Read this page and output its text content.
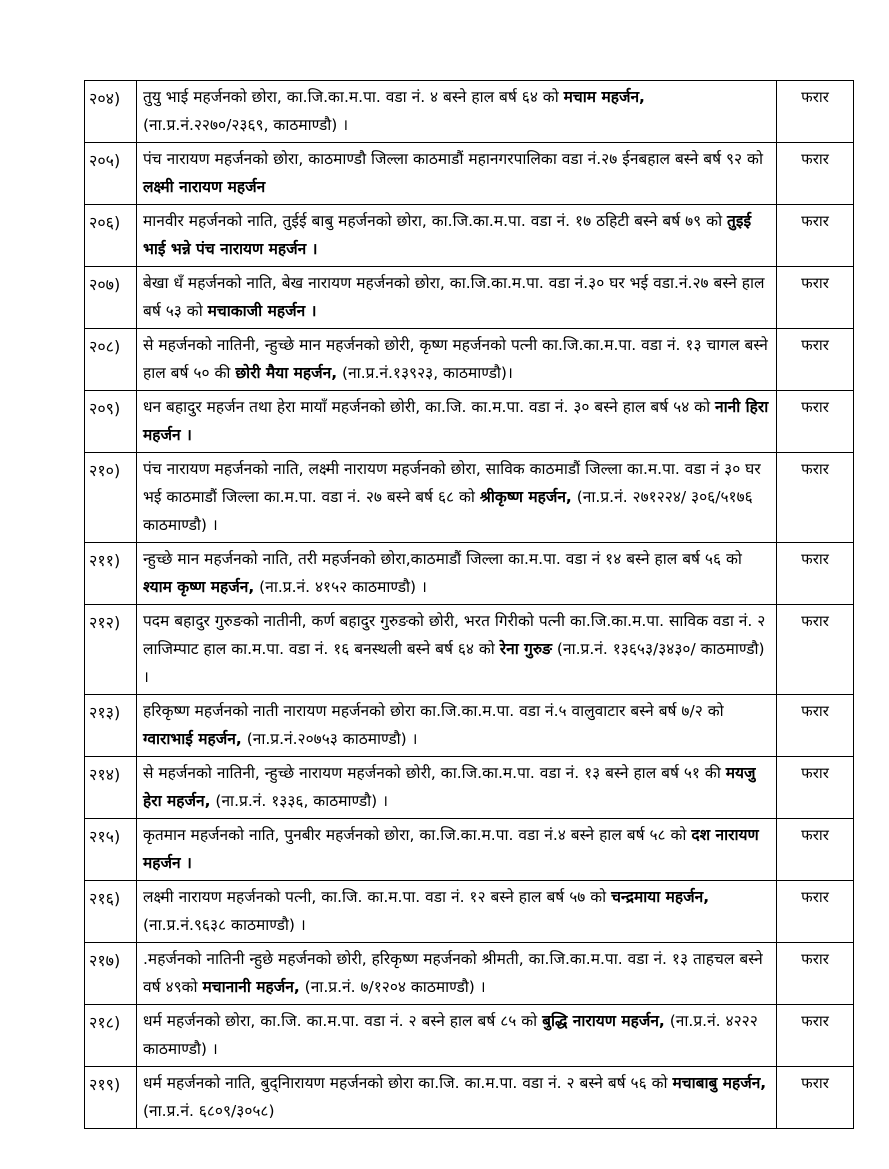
२०४)	तुयु भाई महर्जनको छोरा, का.जि.का.म.पा. वडा नं. ४ बस्ने हाल बर्ष ६४ को मचाम महर्जन, (ना.प्र.नं.२२७०/२३६९, काठमाण्डौ) ।	फरार
२०५)	पंच नारायण महर्जनको छोरा, काठमाण्डौ जिल्ला काठमाडौं महानगरपालिका वडा नं.२७ ईनबहाल बस्ने बर्ष ९२ को लक्ष्मी नारायण महर्जन	फरार
२०६)	मानवीर महर्जनको नाति, तुईई बाबु महर्जनको छोरा, का.जि.का.म.पा. वडा नं. १७ ठहिटी बस्ने बर्ष ७९ को तुइई भाई भन्ने पंच नारायण महर्जन ।	फरार
२०७)	बेखा धँ महर्जनको नाति, बेख नारायण महर्जनको छोरा, का.जि.का.म.पा. वडा नं.३० घर भई वडा.नं.२७ बस्ने हाल बर्ष ५३ को मचाकाजी महर्जन ।	फरार
२०८)	से महर्जनको नातिनी, न्हुच्छे मान महर्जनको छोरी, कृष्ण महर्जनको पत्नी का.जि.का.म.पा. वडा नं. १३ चागल बस्ने हाल बर्ष ५० की छोरी मैया महर्जन, (ना.प्र.नं.१३९२३, काठमाण्डौ)।	फरार
२०९)	धन बहादुर महर्जन तथा हेरा मायाँ महर्जनको छोरी, का.जि. का.म.पा. वडा नं. ३० बस्ने हाल बर्ष ५४ को नानी हिरा महर्जन ।	फरार
२१०)	पंच नारायण महर्जनको नाति, लक्ष्मी नारायण महर्जनको छोरा, साविक काठमाडौं जिल्ला का.म.पा. वडा नं ३० घर भई काठमाडौं जिल्ला का.म.पा. वडा नं. २७ बस्ने बर्ष ६८ को श्रीकृष्ण महर्जन, (ना.प्र.नं. २७१२२४/ ३०६/५१७६ काठमाण्डौ) ।	फरार
२११)	न्हुच्छे मान महर्जनको नाति, तरी महर्जनको छोरा,काठमाडौं जिल्ला का.म.पा. वडा नं १४ बस्ने हाल बर्ष ५६ को श्याम कृष्ण महर्जन, (ना.प्र.नं. ४१५२ काठमाण्डौ) ।	फरार
२१२)	पदम बहादुर गुरुङको नातीनी, कर्ण बहादुर गुरुङको छोरी, भरत गिरीको पत्नी का.जि.का.म.पा. साविक वडा नं. २ लाजिम्पाट हाल का.म.पा. वडा नं. १६ बनस्थली बस्ने बर्ष ६४ को रेना गुरुङ (ना.प्र.नं. १३६५३/३४३०/ काठमाण्डौ) ।	फरार
२१३)	हरिकृष्ण महर्जनको नाती नारायण महर्जनको छोरा का.जि.का.म.पा. वडा नं.५ वालुवाटार बस्ने बर्ष ७/२ को ग्वाराभाई महर्जन, (ना.प्र.नं.२०७५३ काठमाण्डौ) ।	फरार
२१४)	से महर्जनको नातिनी, न्हुच्छे नारायण महर्जनको छोरी, का.जि.का.म.पा. वडा नं. १३ बस्ने हाल बर्ष ५१ की मयजु हेरा महर्जन, (ना.प्र.नं. १३३६, काठमाण्डौ) ।	फरार
२१५)	कृतमान महर्जनको नाति, पुनबीर महर्जनको छोरा, का.जि.का.म.पा. वडा नं.४ बस्ने हाल बर्ष ५८ को दश नारायण महर्जन ।	फरार
२१६)	लक्ष्मी नारायण महर्जनको पत्नी, का.जि. का.म.पा. वडा नं. १२ बस्ने हाल बर्ष ५७ को चन्द्रमाया महर्जन, (ना.प्र.नं.९६३८ काठमाण्डौ) ।	फरार
२१७)	.महर्जनको नातिनी न्हुछे महर्जनको छोरी, हरिकृष्ण महर्जनको श्रीमती, का.जि.का.म.पा. वडा नं. १३ ताहचल बस्ने वर्ष ४९को मचानानी महर्जन, (ना.प्र.नं. ७/१२०४ काठमाण्डौ) ।	फरार
२१८)	धर्म महर्जनको छोरा, का.जि. का.म.पा. वडा नं. २ बस्ने हाल बर्ष ८५ को बुद्धि नारायण महर्जन, (ना.प्र.नं. ४२२२ काठमाण्डौ) ।	फरार
२१९)	धर्म महर्जनको नाति, बुद्निारायण महर्जनको छोरा का.जि. का.म.पा. वडा नं. २ बस्ने बर्ष ५६ को मचाबाबु महर्जन, (ना.प्र.नं. ६८०९/३०५८)	फरार
